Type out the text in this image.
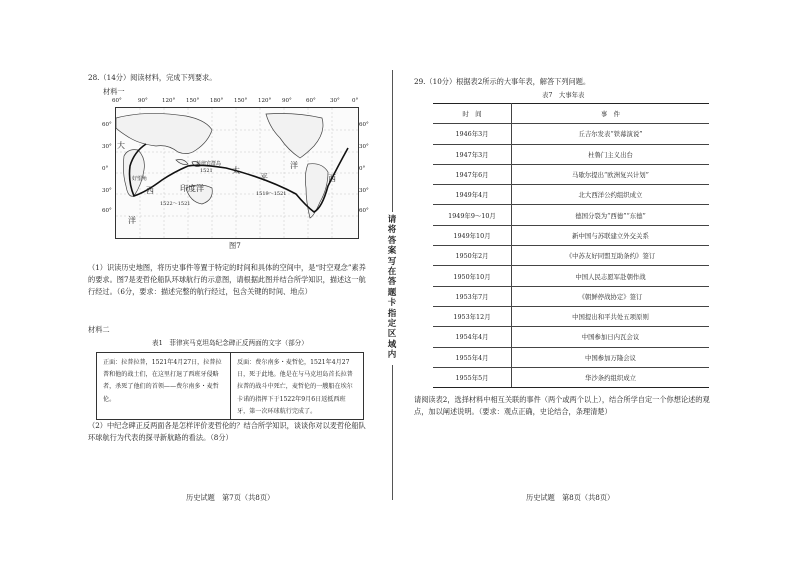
28.（14分）阅读材料，完成下列要求。
材料一
60°	90°	120° 150° 180° 150° 120° 90°	60°	30° 0°
60°
30°
0°
30°
60°
60°
30°
0°
30°
60°
大
西
洋
印度洋
太
平
洋
菲律宾群岛
好望角	西
1521
1519～1521
1522～1521
图7
（1）识读历史地图，将历史事件等置于特定的时间和具体的空间中，是“时空观念”素养的要求。图7是麦哲伦船队环球航行的示意图，请根据此图并结合所学知识，描述这一航行经过。（6分，要求：描述完整的航行经过，包含关键的时间、地点）
材料二
表1　菲律宾马克坦岛纪念碑正反两面的文字（部分）
正面：拉普拉普，1521年4月27日，拉普拉普和他的战士们，在这里打退了西班牙侵略者，杀死了他们的首领——费尔南多・麦哲伦。
反面：费尔南多・麦哲伦，1521年4月27日，死于此地。他是在与马克坦岛首长拉普拉普的战斗中死亡，麦哲伦的一艘船在埃尔卡诺的指挥下于1522年9月6日返抵西班牙，第一次环球航行完成了。
（2）中纪念碑正反两面各是怎样评价麦哲伦的？结合所学知识，谈谈你对以麦哲伦船队环球航行为代表的探寻新航路的看法。（8分）
历史试题　第7页（共8页）
请将答案写在答题卡指定区域内
29.（10分）根据表2所示的大事年表，解答下列问题。
表7　大事年表
时　间	事　件
1946年3月	丘吉尔发表“铁幕演说”
1947年3月	杜鲁门主义出台
1947年6月	马歇尔提出“欧洲复兴计划”
1949年4月	北大西洋公约组织成立
1949年9～10月	德国分裂为“西德”“东德”
1949年10月	新中国与苏联建立外交关系
1950年2月	《中苏友好同盟互助条约》签订
1950年10月	中国人民志愿军赴朝作战
1953年7月	《朝鲜停战协定》签订
1953年12月	中国提出和平共处五项原则
1954年4月	中国参加日内瓦会议
1955年4月	中国参加万隆会议
1955年5月	华沙条约组织成立
请阅读表2，选择材料中相互关联的事件（两个或两个以上），结合所学自定一个你想论述的观点，加以阐述说明。（要求：观点正确，史论结合，条理清楚）
历史试题　第8页（共8页）
